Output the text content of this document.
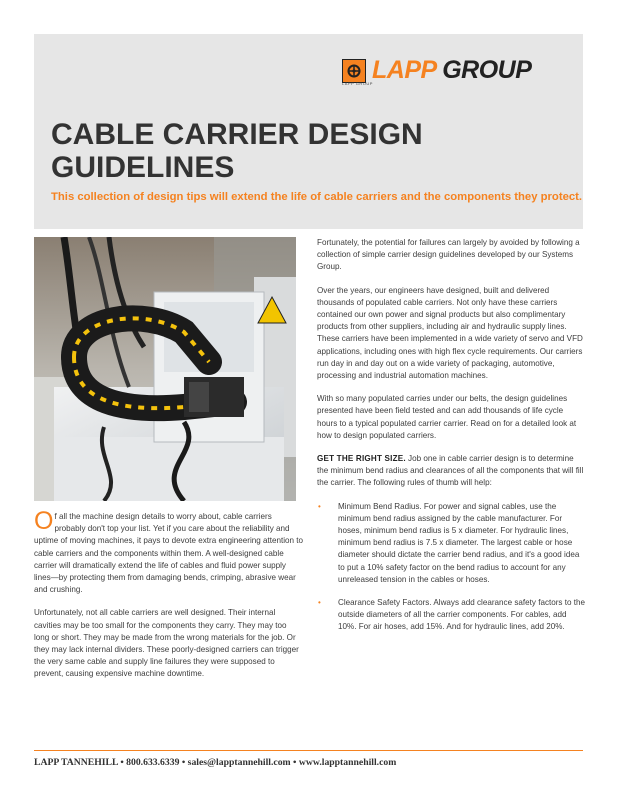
LAPP GROUP
LAPP GROUP
CABLE CARRIER DESIGN
GUIDELINES
This collection of design tips will extend the life of cable carriers and the components they protect.

Fortunately, the potential for failures can largely by avoided by following a collection of simple carrier design guidelines developed by our Systems Group.

Over the years, our engineers have designed, built and delivered thousands of populated cable carriers. Not only have these carriers contained our own power and signal products but also complimentary products from other suppliers, including air and hydraulic supply lines. These carriers have been implemented in a wide variety of servo and VFD applications, including ones with high flex cycle requirements. Our carriers run day in and day out on a wide variety of packaging, automotive, processing and industrial automation machines.

With so many populated carries under our belts, the design guidelines presented have been field tested and can add thousands of life cycle hours to a typical populated carrier carrier. Read on for a detailed look at how to design populated carriers.

GET THE RIGHT SIZE. Job one in cable carrier design is to determine the minimum bend radius and clearances of all the components that will fill the carrier. The following rules of thumb will help:

• Minimum Bend Radius. For power and signal cables, use the minimum bend radius assigned by the cable manufacturer. For hoses, minimum bend radius is 5 x diameter. For hydraulic lines, minimum bend radius is 7.5 x diameter. The largest cable or hose diameter should dictate the carrier bend radius, and it's a good idea to put a 10% safety factor on the bend radius to account for any unreleased tension in the cables or hoses.
• Clearance Safety Factors. Always add clearance safety factors to the outside diameters of all the carrier components. For cables, add 10%. For air hoses, add 15%. And for hydraulic lines, add 20%.

Of all the machine design details to worry about, cable carriers probably don't top your list. Yet if you care about the reliability and uptime of moving machines, it pays to devote extra engineering attention to cable carriers and the components within them. A well-designed cable carrier will dramatically extend the life of cables and fluid power supply lines—by protecting them from damaging bends, crimping, abrasive wear and crushing.

Unfortunately, not all cable carriers are well designed. Their internal cavities may be too small for the components they carry. They may too long or short. They may be made from the wrong materials for the job. Or they may lack internal dividers. These poorly-designed carriers can trigger the very same cable and supply line failures they were supposed to prevent, causing expensive machine downtime.

LAPP TANNEHILL • 800.633.6339 • sales@lapptannehill.com • www.lapptannehill.com
